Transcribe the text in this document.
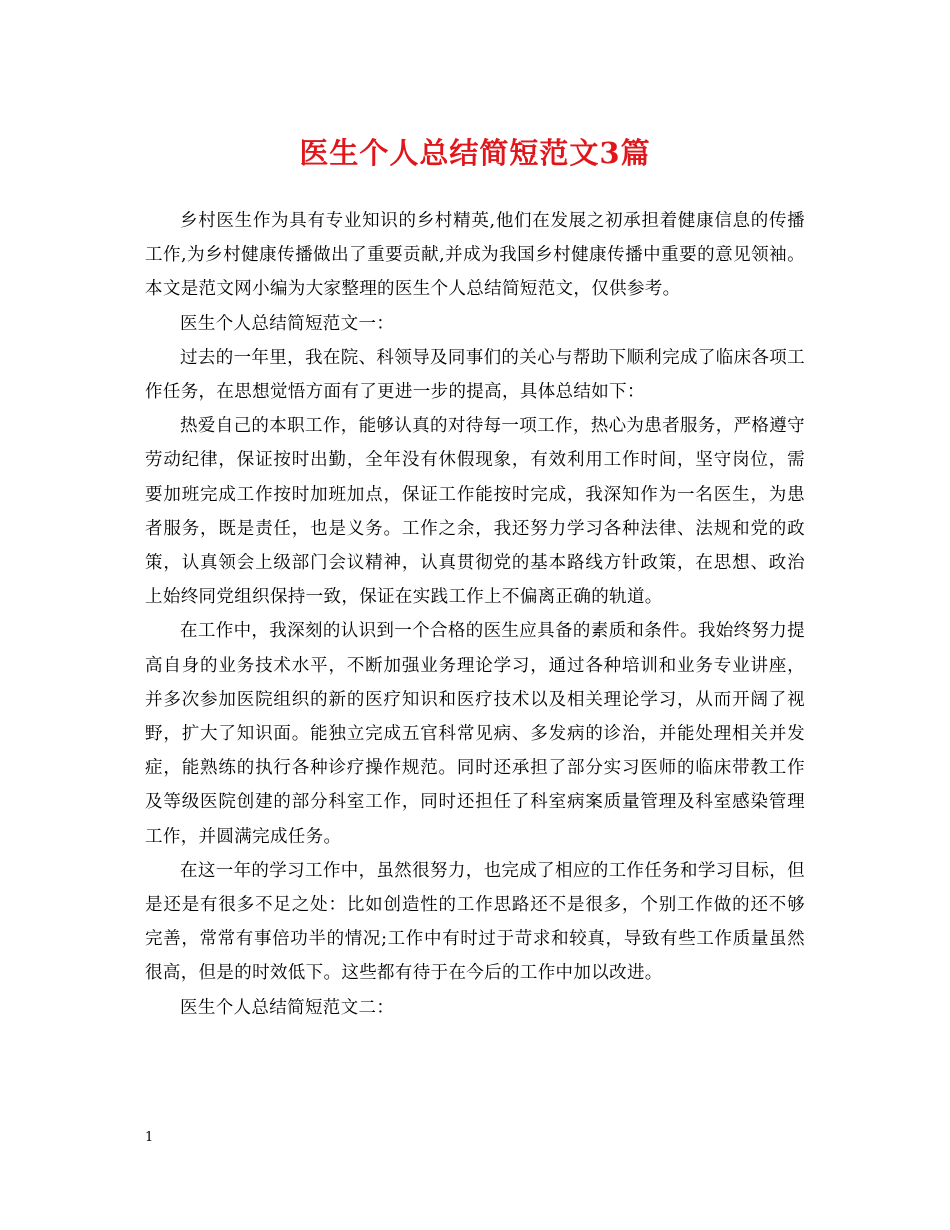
医生个人总结简短范文3篇

乡村医生作为具有专业知识的乡村精英,他们在发展之初承担着健康信息的传播工作,为乡村健康传播做出了重要贡献,并成为我国乡村健康传播中重要的意见领袖。本文是范文网小编为大家整理的医生个人总结简短范文，仅供参考。

医生个人总结简短范文一：

过去的一年里，我在院、科领导及同事们的关心与帮助下顺利完成了临床各项工作任务，在思想觉悟方面有了更进一步的提高，具体总结如下：

热爱自己的本职工作，能够认真的对待每一项工作，热心为患者服务，严格遵守劳动纪律，保证按时出勤，全年没有休假现象，有效利用工作时间，坚守岗位，需要加班完成工作按时加班加点，保证工作能按时完成，我深知作为一名医生，为患者服务，既是责任，也是义务。工作之余，我还努力学习各种法律、法规和党的政策，认真领会上级部门会议精神，认真贯彻党的基本路线方针政策，在思想、政治上始终同党组织保持一致，保证在实践工作上不偏离正确的轨道。

在工作中，我深刻的认识到一个合格的医生应具备的素质和条件。我始终努力提高自身的业务技术水平，不断加强业务理论学习，通过各种培训和业务专业讲座，并多次参加医院组织的新的医疗知识和医疗技术以及相关理论学习，从而开阔了视野，扩大了知识面。能独立完成五官科常见病、多发病的诊治，并能处理相关并发症，能熟练的执行各种诊疗操作规范。同时还承担了部分实习医师的临床带教工作及等级医院创建的部分科室工作，同时还担任了科室病案质量管理及科室感染管理工作，并圆满完成任务。

在这一年的学习工作中，虽然很努力，也完成了相应的工作任务和学习目标，但是还是有很多不足之处：比如创造性的工作思路还不是很多，个别工作做的还不够完善，常常有事倍功半的情况;工作中有时过于苛求和较真，导致有些工作质量虽然很高，但是的时效低下。这些都有待于在今后的工作中加以改进。

医生个人总结简短范文二：

1
